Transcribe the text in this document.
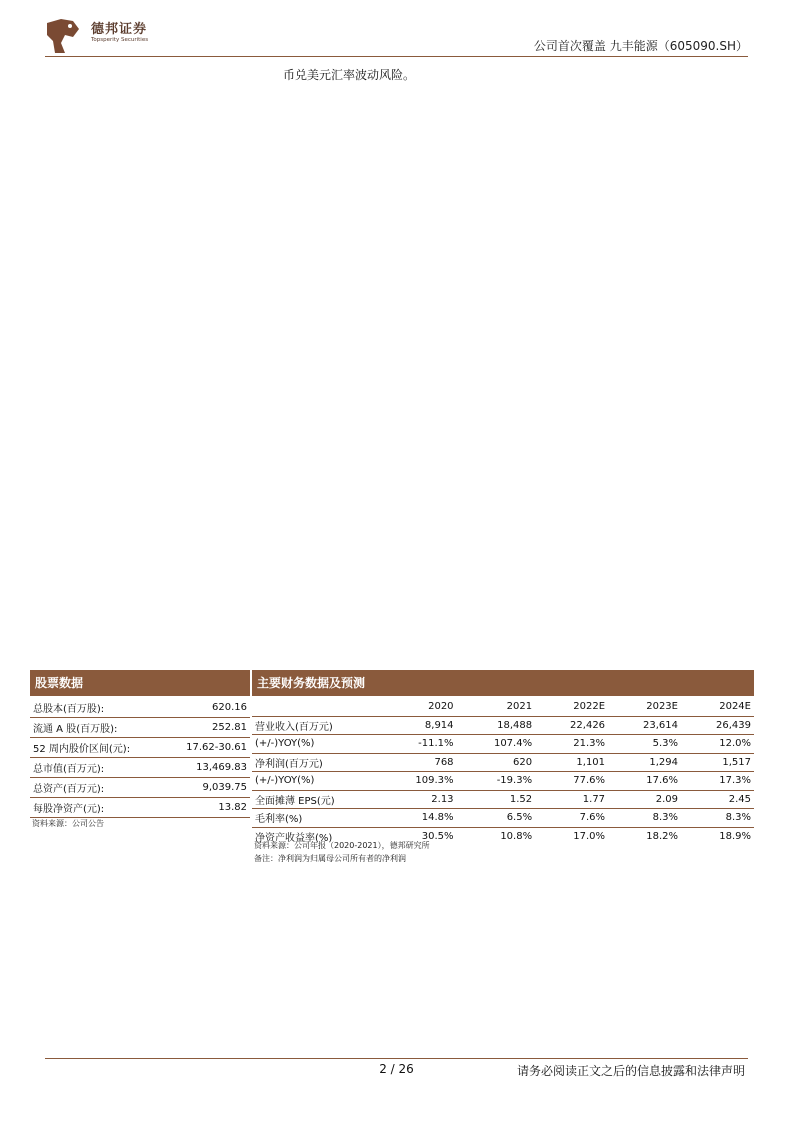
德邦证券
Topsperity Securities	公司首次覆盖 九丰能源（605090.SH）
币兑美元汇率波动风险。
股票数据
总股本(百万股):	620.16
流通 A 股(百万股):	252.81
52 周内股价区间(元):	17.62-30.61
总市值(百万元):	13,469.83
总资产(百万元):	9,039.75
每股净资产(元):	13.82
资料来源：公司公告
主要财务数据及预测
	2020	2021	2022E	2023E	2024E
营业收入(百万元)	8,914	18,488	22,426	23,614	26,439
(+/-)YOY(%)	-11.1%	107.4%	21.3%	5.3%	12.0%
净利润(百万元)	768	620	1,101	1,294	1,517
(+/-)YOY(%)	109.3%	-19.3%	77.6%	17.6%	17.3%
全面摊薄 EPS(元)	2.13	1.52	1.77	2.09	2.45
毛利率(%)	14.8%	6.5%	7.6%	8.3%	8.3%
净资产收益率(%)	30.5%	10.8%	17.0%	18.2%	18.9%
资料来源：公司年报（2020-2021），德邦研究所
备注：净利润为归属母公司所有者的净利润
2 / 26	请务必阅读正文之后的信息披露和法律声明
